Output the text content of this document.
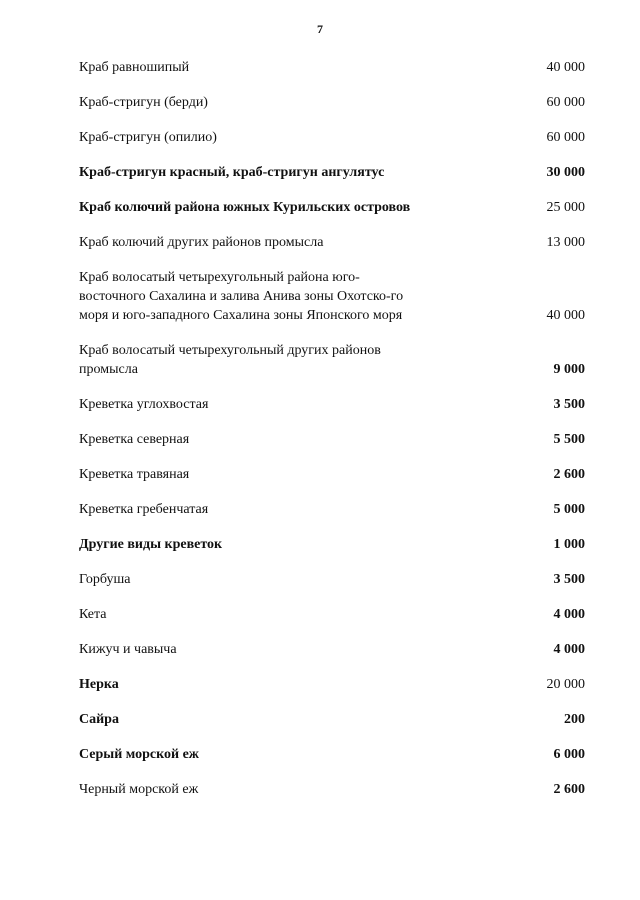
7
Краб равношипый	40 000
Краб-стригун (берди)	60 000
Краб-стригун (опилио)	60 000
Краб-стригун красный, краб-стригун ангулятус	30 000
Краб колючий района южных Курильских островов	25 000
Краб колючий других районов промысла	13 000
Краб волосатый четырехугольный района юго-восточного Сахалина и залива Анива зоны Охотско-го моря и юго-западного Сахалина зоны Японского моря	40 000
Краб волосатый четырехугольный других районов промысла	9 000
Креветка углохвостая	3 500
Креветка северная	5 500
Креветка травяная	2 600
Креветка гребенчатая	5 000
Другие виды креветок	1 000
Горбуша	3 500
Кета	4 000
Кижуч и чавыча	4 000
Нерка	20 000
Сайра	200
Серый морской еж	6 000
Черный морской еж	2 600
